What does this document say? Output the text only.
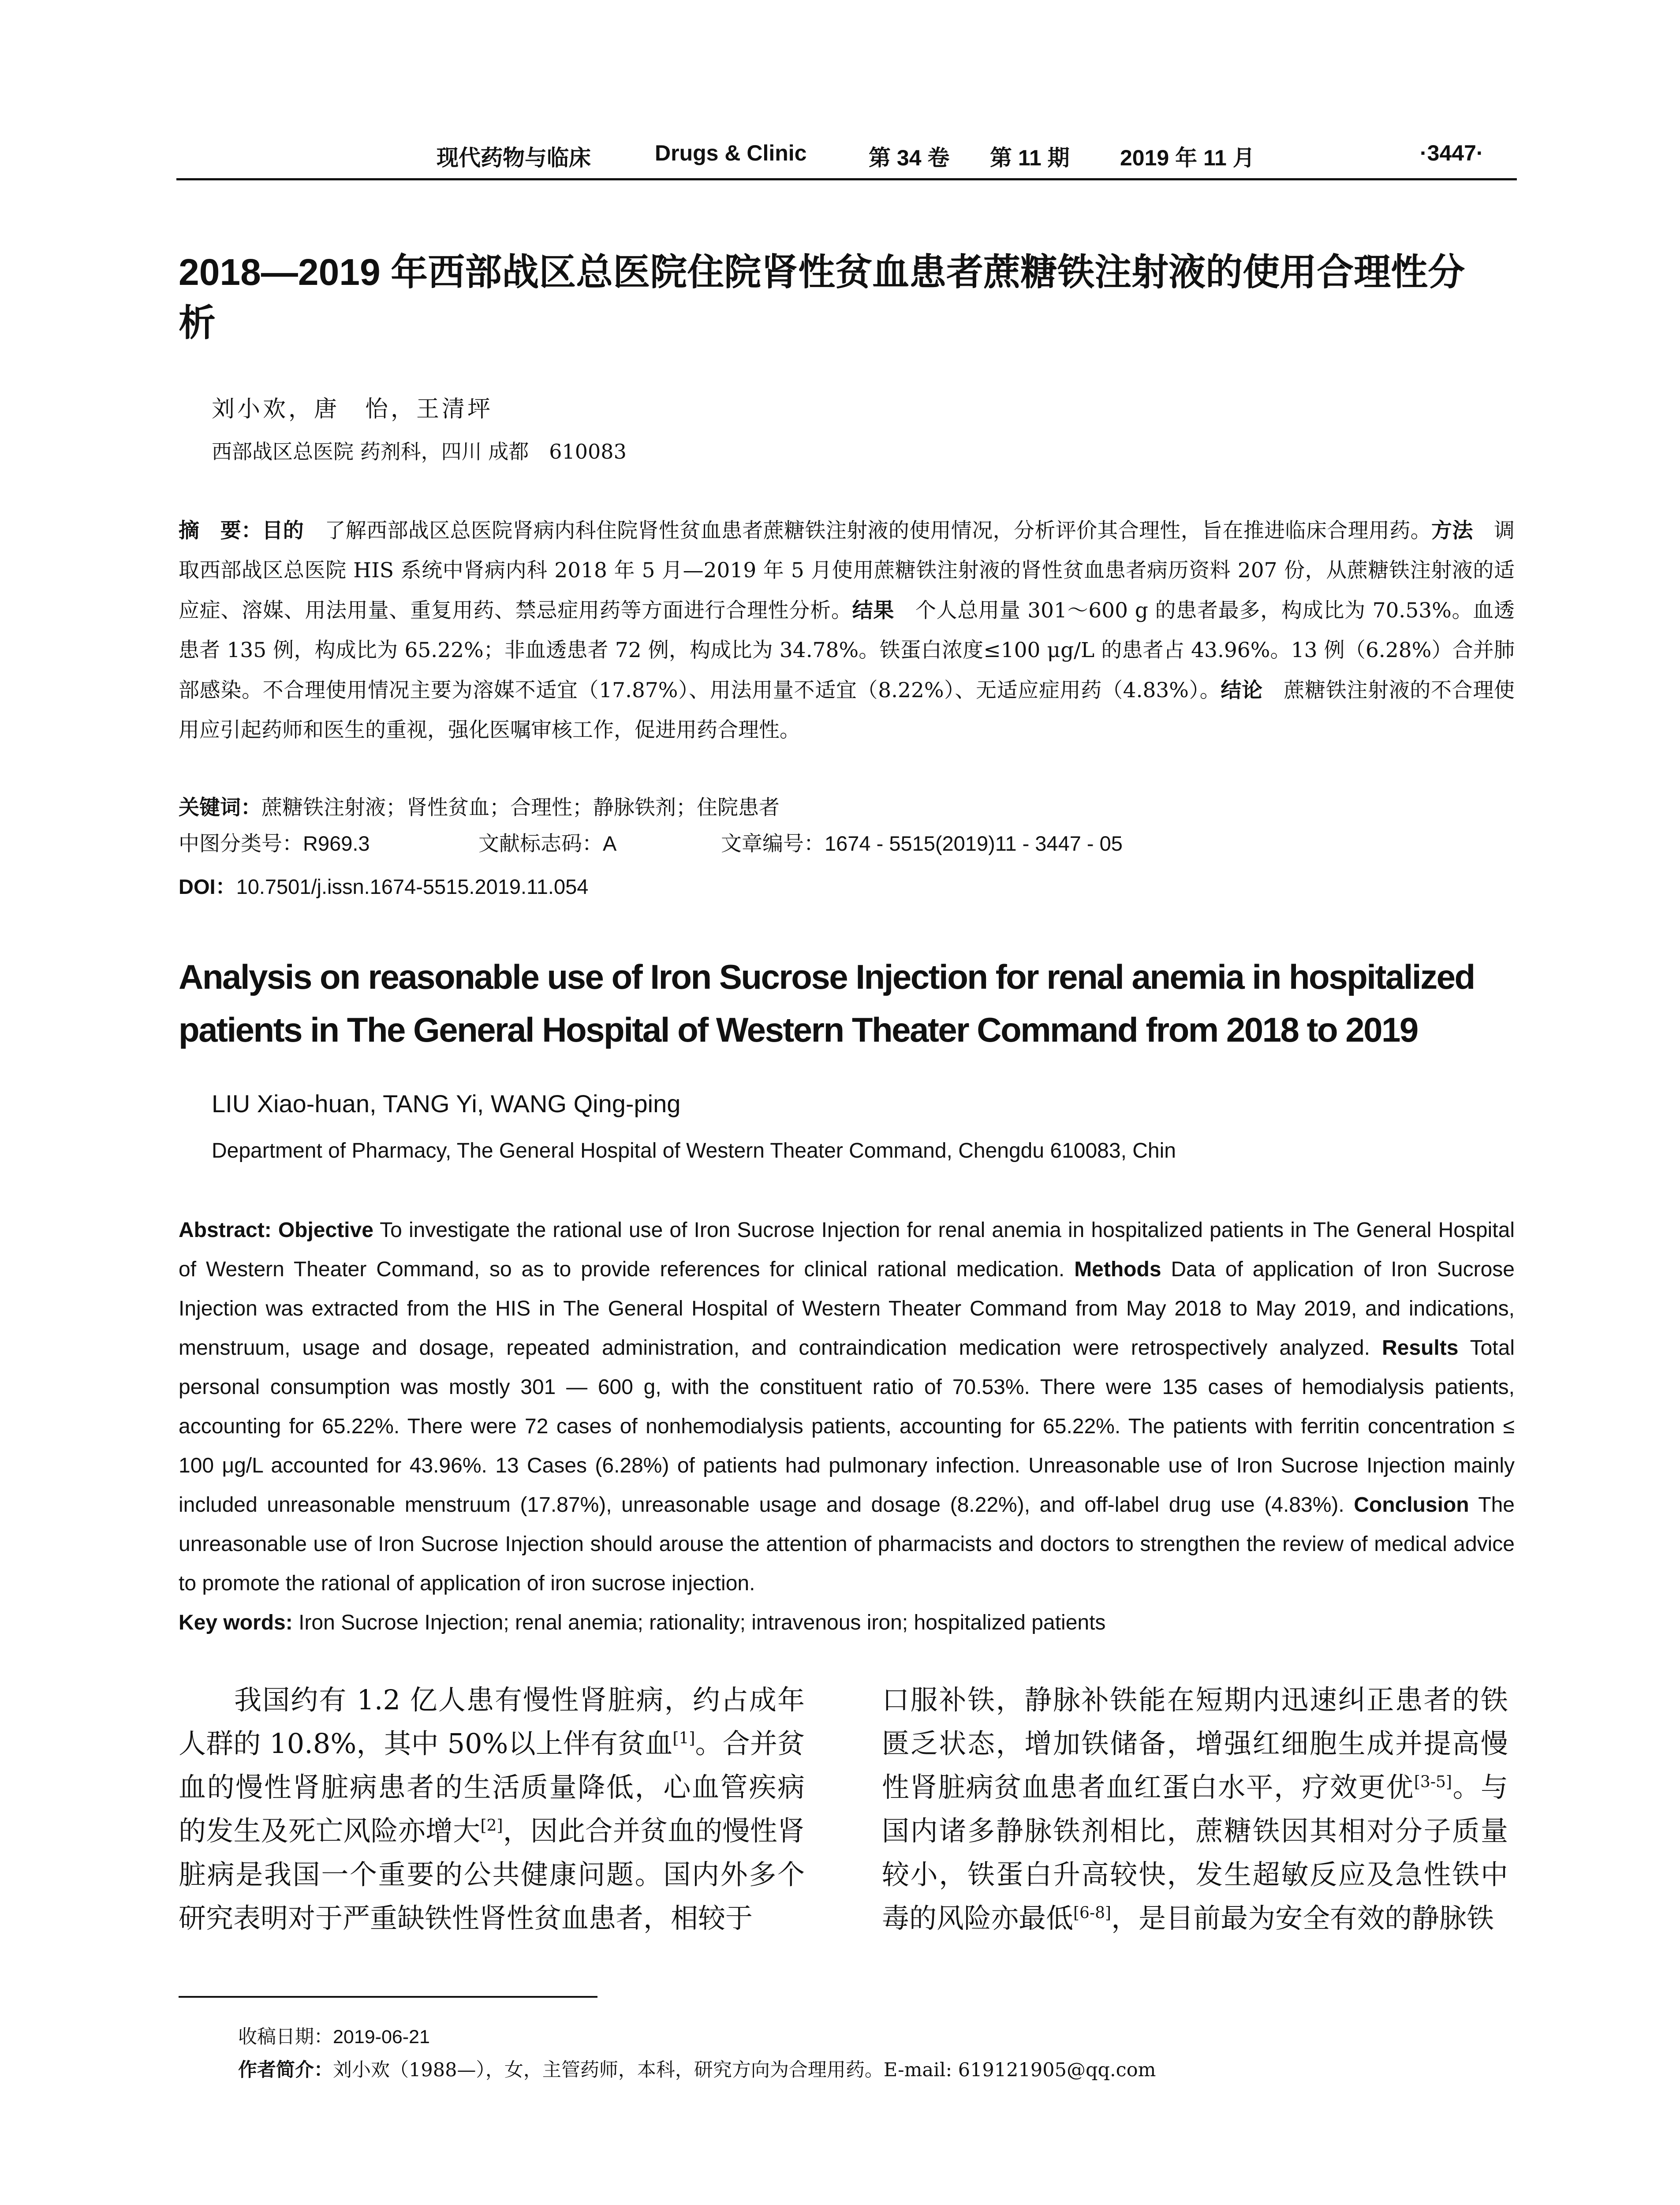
现代药物与临床	Drugs & Clinic	第 34 卷 第 11 期 2019 年 11 月	·3447·
2018—2019 年西部战区总医院住院肾性贫血患者蔗糖铁注射液的使用合理性分析
刘小欢，唐　怡，王清坪
西部战区总医院 药剂科，四川 成都　610083
摘　要：目的　了解西部战区总医院肾病内科住院肾性贫血患者蔗糖铁注射液的使用情况，分析评价其合理性，旨在推进临床合理用药。方法　调取西部战区总医院 HIS 系统中肾病内科 2018 年 5 月—2019 年 5 月使用蔗糖铁注射液的肾性贫血患者病历资料 207 份，从蔗糖铁注射液的适应症、溶媒、用法用量、重复用药、禁忌症用药等方面进行合理性分析。结果　个人总用量 301～600 g 的患者最多，构成比为 70.53%。血透患者 135 例，构成比为 65.22%；非血透患者 72 例，构成比为 34.78%。铁蛋白浓度≤100 μg/L 的患者占 43.96%。13 例（6.28%）合并肺部感染。不合理使用情况主要为溶媒不适宜（17.87%）、用法用量不适宜（8.22%）、无适应症用药（4.83%）。结论　蔗糖铁注射液的不合理使用应引起药师和医生的重视，强化医嘱审核工作，促进用药合理性。
关键词：蔗糖铁注射液；肾性贫血；合理性；静脉铁剂；住院患者
中图分类号：R969.3	文献标志码：A	文章编号：1674 - 5515(2019)11 - 3447 - 05
DOI：10.7501/j.issn.1674-5515.2019.11.054
Analysis on reasonable use of Iron Sucrose Injection for renal anemia in hospitalized patients in The General Hospital of Western Theater Command from 2018 to 2019
LIU Xiao-huan, TANG Yi, WANG Qing-ping
Department of Pharmacy, The General Hospital of Western Theater Command, Chengdu 610083, Chin
Abstract: Objective To investigate the rational use of Iron Sucrose Injection for renal anemia in hospitalized patients in The General Hospital of Western Theater Command, so as to provide references for clinical rational medication. Methods Data of application of Iron Sucrose Injection was extracted from the HIS in The General Hospital of Western Theater Command from May 2018 to May 2019, and indications, menstruum, usage and dosage, repeated administration, and contraindication medication were retrospectively analyzed. Results Total personal consumption was mostly 301 — 600 g, with the constituent ratio of 70.53%. There were 135 cases of hemodialysis patients, accounting for 65.22%. There were 72 cases of nonhemodialysis patients, accounting for 65.22%. The patients with ferritin concentration ≤ 100 μg/L accounted for 43.96%. 13 Cases (6.28%) of patients had pulmonary infection. Unreasonable use of Iron Sucrose Injection mainly included unreasonable menstruum (17.87%), unreasonable usage and dosage (8.22%), and off-label drug use (4.83%). Conclusion The unreasonable use of Iron Sucrose Injection should arouse the attention of pharmacists and doctors to strengthen the review of medical advice to promote the rational of application of iron sucrose injection.
Key words: Iron Sucrose Injection; renal anemia; rationality; intravenous iron; hospitalized patients
我国约有 1.2 亿人患有慢性肾脏病，约占成年人群的 10.8%，其中 50%以上伴有贫血[1]。合并贫血的慢性肾脏病患者的生活质量降低，心血管疾病的发生及死亡风险亦增大[2]，因此合并贫血的慢性肾脏病是我国一个重要的公共健康问题。国内外多个研究表明对于严重缺铁性肾性贫血患者，相较于
口服补铁，静脉补铁能在短期内迅速纠正患者的铁匮乏状态，增加铁储备，增强红细胞生成并提高慢性肾脏病贫血患者血红蛋白水平，疗效更优[3-5]。与国内诸多静脉铁剂相比，蔗糖铁因其相对分子质量较小，铁蛋白升高较快，发生超敏反应及急性铁中毒的风险亦最低[6-8]，是目前最为安全有效的静脉铁
收稿日期：2019-06-21
作者简介：刘小欢（1988—），女，主管药师，本科，研究方向为合理用药。E-mail: 619121905@qq.com
